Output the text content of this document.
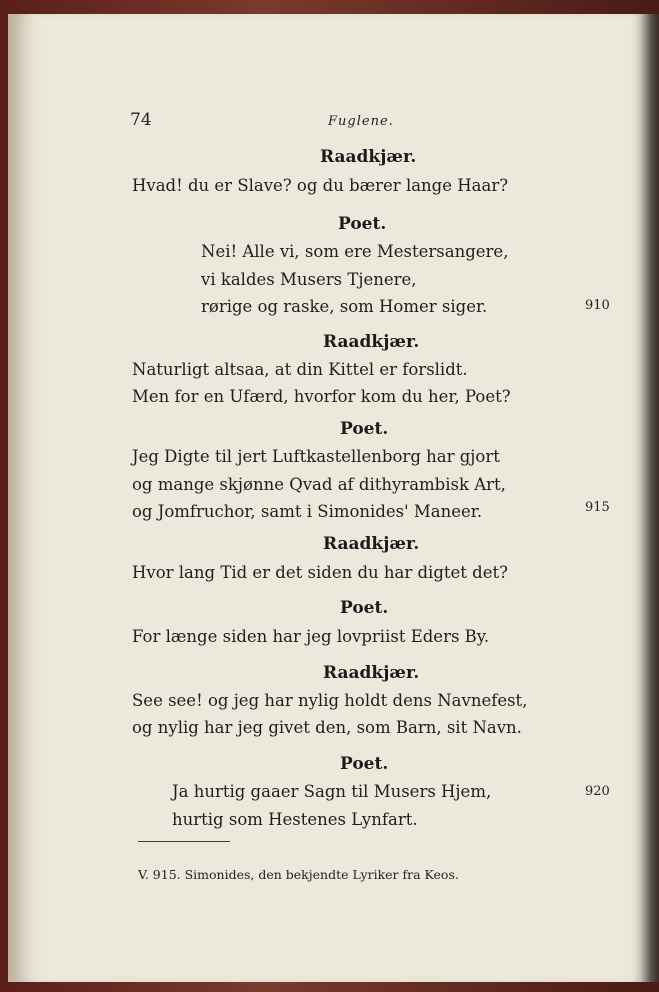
74	Fuglene.
Raadkjær.
Hvad! du er Slave? og du bærer lange Haar?
Poet.
Nei! Alle vi, som ere Mestersangere,
vi kaldes Musers Tjenere,
rørige og raske, som Homer siger.	910
Raadkjær.
Naturligt altsaa, at din Kittel er forslidt.
Men for en Ufærd, hvorfor kom du her, Poet?
Poet.
Jeg Digte til jert Luftkastellenborg har gjort
og mange skjønne Qvad af dithyrambisk Art,
og Jomfruchor, samt i Simonides' Maneer.	915
Raadkjær.
Hvor lang Tid er det siden du har digtet det?
Poet.
For længe siden har jeg lovpriist Eders By.
Raadkjær.
See see! og jeg har nylig holdt dens Navnefest,
og nylig har jeg givet den, som Barn, sit Navn.
Poet.
Ja hurtig gaaer Sagn til Musers Hjem,
hurtig som Hestenes Lynfart.
920
V. 915. Simonides, den bekjendte Lyriker fra Keos.
